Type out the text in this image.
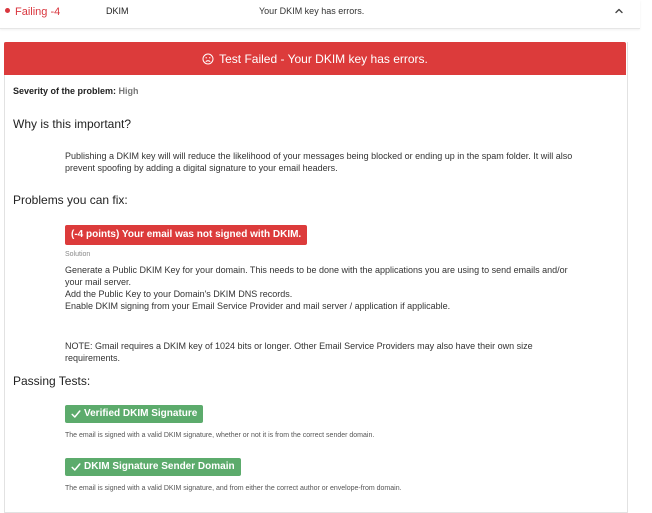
Failing -4	DKIM	Your DKIM key has errors.
Test Failed - Your DKIM key has errors.
Severity of the problem: High
Why is this important?
Publishing a DKIM key will will reduce the likelihood of your messages being blocked or ending up in the spam folder. It will also prevent spoofing by adding a digital signature to your email headers.
Problems you can fix:
(-4 points) Your email was not signed with DKIM.
Solution
Generate a Public DKIM Key for your domain. This needs to be done with the applications you are using to send emails and/or your mail server.
Add the Public Key to your Domain's DKIM DNS records.
Enable DKIM signing from your Email Service Provider and mail server / application if applicable.
NOTE: Gmail requires a DKIM key of 1024 bits or longer. Other Email Service Providers may also have their own size requirements.
Passing Tests:
Verified DKIM Signature
The email is signed with a valid DKIM signature, whether or not it is from the correct sender domain.
DKIM Signature Sender Domain
The email is signed with a valid DKIM signature, and from either the correct author or envelope-from domain.
